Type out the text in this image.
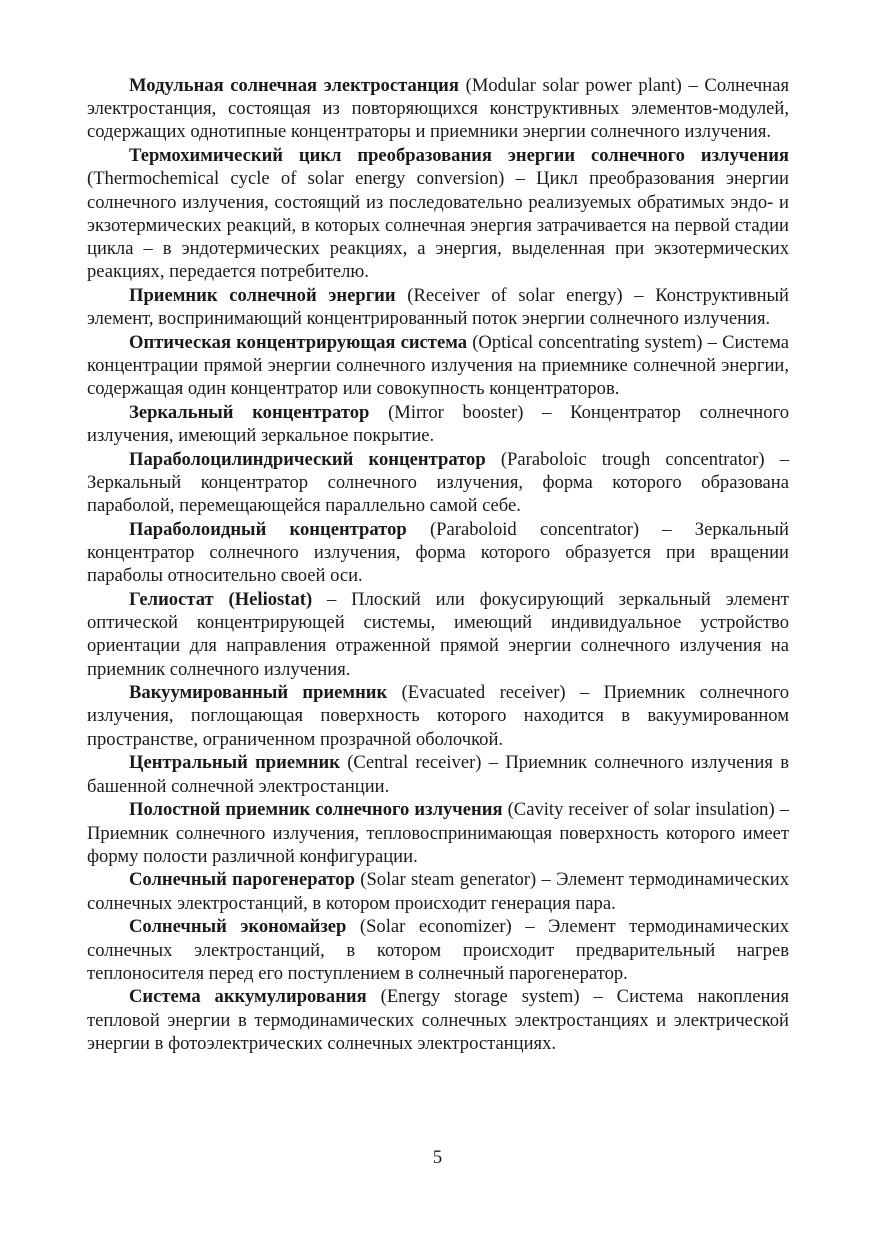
Модульная солнечная электростанция (Modular solar power plant) – Солнечная электростанция, состоящая из повторяющихся конструктивных элементов-модулей, содержащих однотипные концентраторы и приемники энергии солнечного излучения.

Термохимический цикл преобразования энергии солнечного излучения (Thermochemical cycle of solar energy conversion) – Цикл преобразования энергии солнечного излучения, состоящий из последовательно реализуемых обратимых эндо- и экзотермических реакций, в которых солнечная энергия затрачивается на первой стадии цикла – в эндотермических реакциях, а энергия, выделенная при экзотермических реакциях, передается потребителю.

Приемник солнечной энергии (Receiver of solar energy) – Конструктивный элемент, воспринимающий концентрированный поток энергии солнечного излучения.

Оптическая концентрирующая система (Optical concentrating system) – Система концентрации прямой энергии солнечного излучения на приемнике солнечной энергии, содержащая один концентратор или совокупность концентраторов.

Зеркальный концентратор (Mirror booster) – Концентратор солнечного излучения, имеющий зеркальное покрытие.

Параболоцилиндрический концентратор (Paraboloic trough concentrator) – Зеркальный концентратор солнечного излучения, форма которого образована параболой, перемещающейся параллельно самой себе.

Параболоидный концентратор (Paraboloid concentrator) – Зеркальный концентратор солнечного излучения, форма которого образуется при вращении параболы относительно своей оси.

Гелиостат (Heliostat) – Плоский или фокусирующий зеркальный элемент оптической концентрирующей системы, имеющий индивидуальное устройство ориентации для направления отраженной прямой энергии солнечного излучения на приемник солнечного излучения.

Вакуумированный приемник (Evacuated receiver) – Приемник солнечного излучения, поглощающая поверхность которого находится в вакуумированном пространстве, ограниченном прозрачной оболочкой.

Центральный приемник (Central receiver) – Приемник солнечного излучения в башенной солнечной электростанции.

Полостной приемник солнечного излучения (Cavity receiver of solar insulation) – Приемник солнечного излучения, тепловоспринимающая поверхность которого имеет форму полости различной конфигурации.

Солнечный парогенератор (Solar steam generator) – Элемент термодинамических солнечных электростанций, в котором происходит генерация пара.

Солнечный экономайзер (Solar economizer) – Элемент термодинамических солнечных электростанций, в котором происходит предварительный нагрев теплоносителя перед его поступлением в солнечный парогенератор.

Система аккумулирования (Energy storage system) – Система накопления тепловой энергии в термодинамических солнечных электростанциях и электрической энергии в фотоэлектрических солнечных электростанциях.

5
